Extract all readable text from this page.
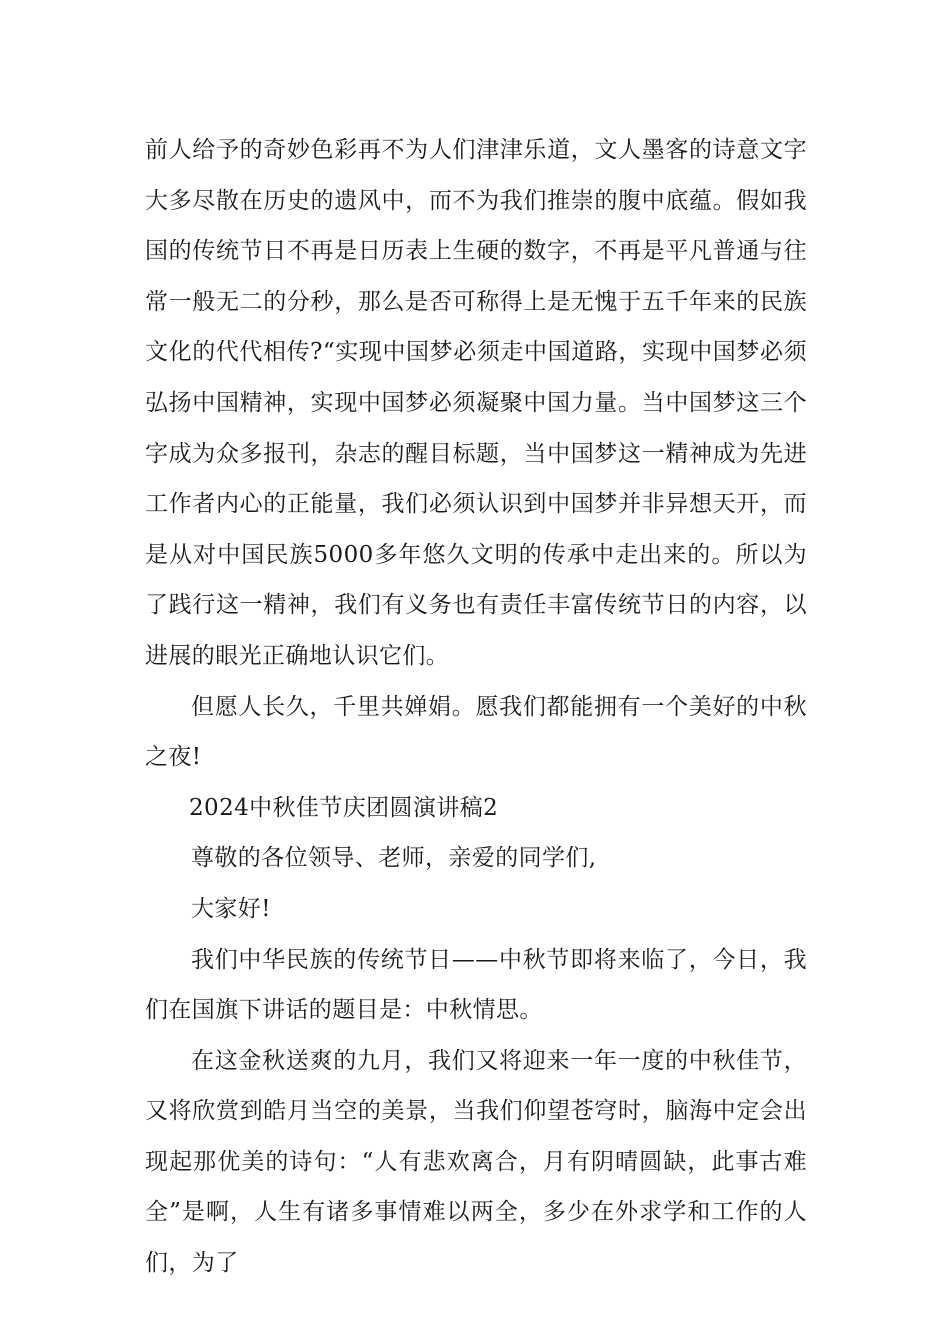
前人给予的奇妙色彩再不为人们津津乐道，文人墨客的诗意文字大多尽散在历史的遗风中，而不为我们推崇的腹中底蕴。假如我国的传统节日不再是日历表上生硬的数字，不再是平凡普通与往常一般无二的分秒，那么是否可称得上是无愧于五千年来的民族文化的代代相传?“实现中国梦必须走中国道路，实现中国梦必须弘扬中国精神，实现中国梦必须凝聚中国力量。当中国梦这三个字成为众多报刊，杂志的醒目标题，当中国梦这一精神成为先进工作者内心的正能量，我们必须认识到中国梦并非异想天开，而是从对中国民族5000多年悠久文明的传承中走出来的。所以为了践行这一精神，我们有义务也有责任丰富传统节日的内容，以进展的眼光正确地认识它们。

但愿人长久，千里共婵娟。愿我们都能拥有一个美好的中秋之夜!

2024中秋佳节庆团圆演讲稿2

尊敬的各位领导、老师，亲爱的同学们,

大家好!

我们中华民族的传统节日——中秋节即将来临了，今日，我们在国旗下讲话的题目是：中秋情思。

在这金秋送爽的九月，我们又将迎来一年一度的中秋佳节，又将欣赏到皓月当空的美景，当我们仰望苍穹时，脑海中定会出现起那优美的诗句：“人有悲欢离合，月有阴晴圆缺，此事古难全”是啊，人生有诸多事情难以两全，多少在外求学和工作的人们，为了
